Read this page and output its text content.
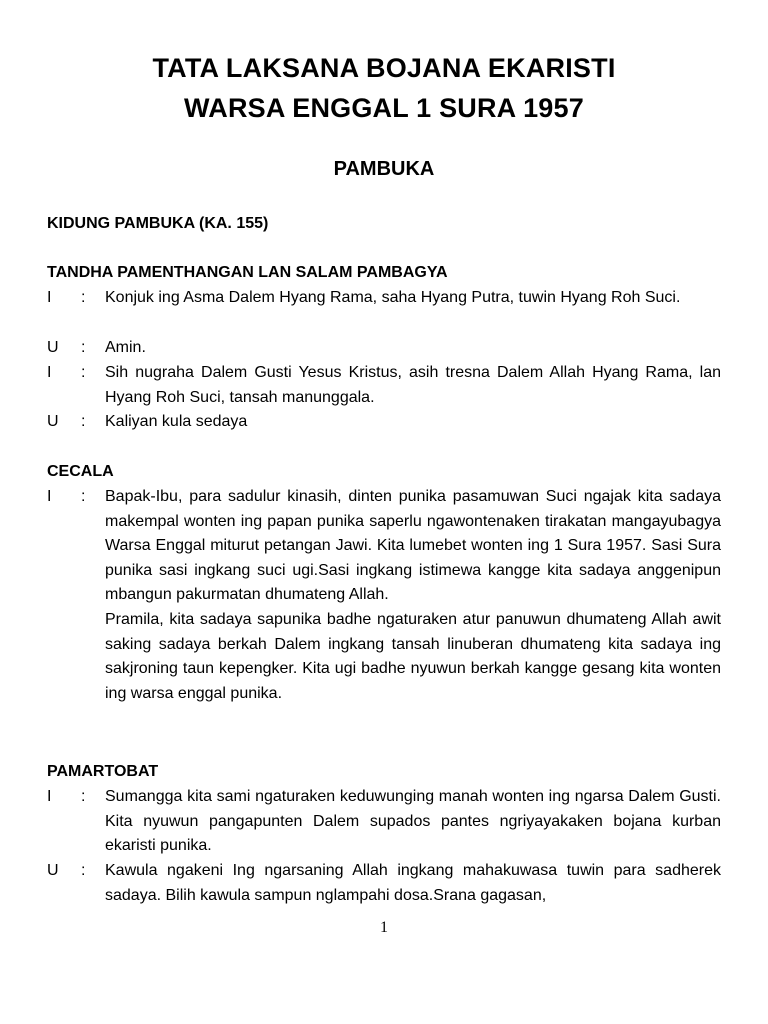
TATA LAKSANA BOJANA EKARISTI
WARSA ENGGAL 1 SURA 1957
PAMBUKA
KIDUNG PAMBUKA (KA. 155)
TANDHA PAMENTHANGAN LAN SALAM PAMBAGYA
I	:	Konjuk ing Asma Dalem Hyang Rama, saha Hyang Putra, tuwin Hyang Roh Suci.
U	:	Amin.
I	:	Sih nugraha Dalem Gusti Yesus Kristus, asih tresna Dalem Allah Hyang Rama, lan Hyang Roh Suci, tansah manunggala.
U	:	Kaliyan kula sedaya
CECALA
I	:	Bapak-Ibu, para sadulur kinasih, dinten punika pasamuwan Suci ngajak kita sadaya makempal wonten ing papan punika saperlu ngawontenaken tirakatan mangayubagya Warsa Enggal miturut petangan Jawi. Kita lumebet wonten ing 1 Sura 1957. Sasi Sura punika sasi ingkang suci ugi.Sasi ingkang istimewa kangge kita sadaya anggenipun mbangun pakurmatan dhumateng Allah.

Pramila, kita sadaya sapunika badhe ngaturaken atur panuwun dhumateng Allah awit saking sadaya berkah Dalem ingkang tansah linuberan dhumateng kita sadaya ing sakjroning taun kepengker. Kita ugi badhe nyuwun berkah kangge gesang kita wonten ing warsa enggal punika.

PAMARTOBAT
I	:	Sumangga kita sami ngaturaken keduwunging manah wonten ing ngarsa Dalem Gusti. Kita nyuwun pangapunten Dalem supados pantes ngriyayakaken bojana kurban ekaristi punika.
U	:	Kawula ngakeni Ing ngarsaning Allah ingkang mahakuwasa tuwin para sadherek sadaya. Bilih kawula sampun nglampahi dosa.Srana gagasan,
1
